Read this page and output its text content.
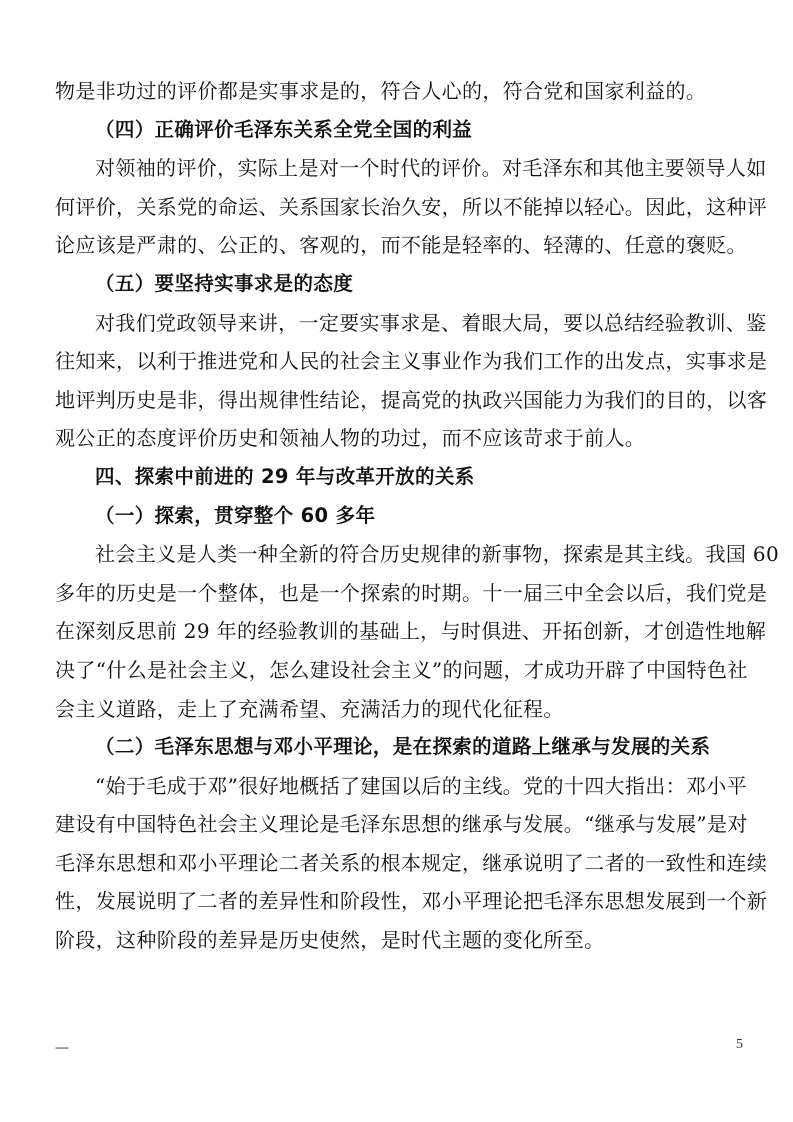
物是非功过的评价都是实事求是的，符合人心的，符合党和国家利益的。
（四）正确评价毛泽东关系全党全国的利益
对领袖的评价，实际上是对一个时代的评价。对毛泽东和其他主要领导人如
何评价，关系党的命运、关系国家长治久安，所以不能掉以轻心。因此，这种评
论应该是严肃的、公正的、客观的，而不能是轻率的、轻薄的、任意的褒贬。
（五）要坚持实事求是的态度
对我们党政领导来讲，一定要实事求是、着眼大局，要以总结经验教训、鉴
往知来，以利于推进党和人民的社会主义事业作为我们工作的出发点，实事求是
地评判历史是非，得出规律性结论，提高党的执政兴国能力为我们的目的，以客
观公正的态度评价历史和领袖人物的功过，而不应该苛求于前人。
四、探索中前进的 29 年与改革开放的关系
（一）探索，贯穿整个 60 多年
社会主义是人类一种全新的符合历史规律的新事物，探索是其主线。我国 60
多年的历史是一个整体，也是一个探索的时期。十一届三中全会以后，我们党是
在深刻反思前 29 年的经验教训的基础上，与时俱进、开拓创新，才创造性地解
决了“什么是社会主义，怎么建设社会主义”的问题，才成功开辟了中国特色社
会主义道路，走上了充满希望、充满活力的现代化征程。
（二）毛泽东思想与邓小平理论，是在探索的道路上继承与发展的关系
“始于毛成于邓”很好地概括了建国以后的主线。党的十四大指出：邓小平
建设有中国特色社会主义理论是毛泽东思想的继承与发展。“继承与发展”是对
毛泽东思想和邓小平理论二者关系的根本规定，继承说明了二者的一致性和连续
性，发展说明了二者的差异性和阶段性，邓小平理论把毛泽东思想发展到一个新
阶段，这种阶段的差异是历史使然，是时代主题的变化所至。
—	5
